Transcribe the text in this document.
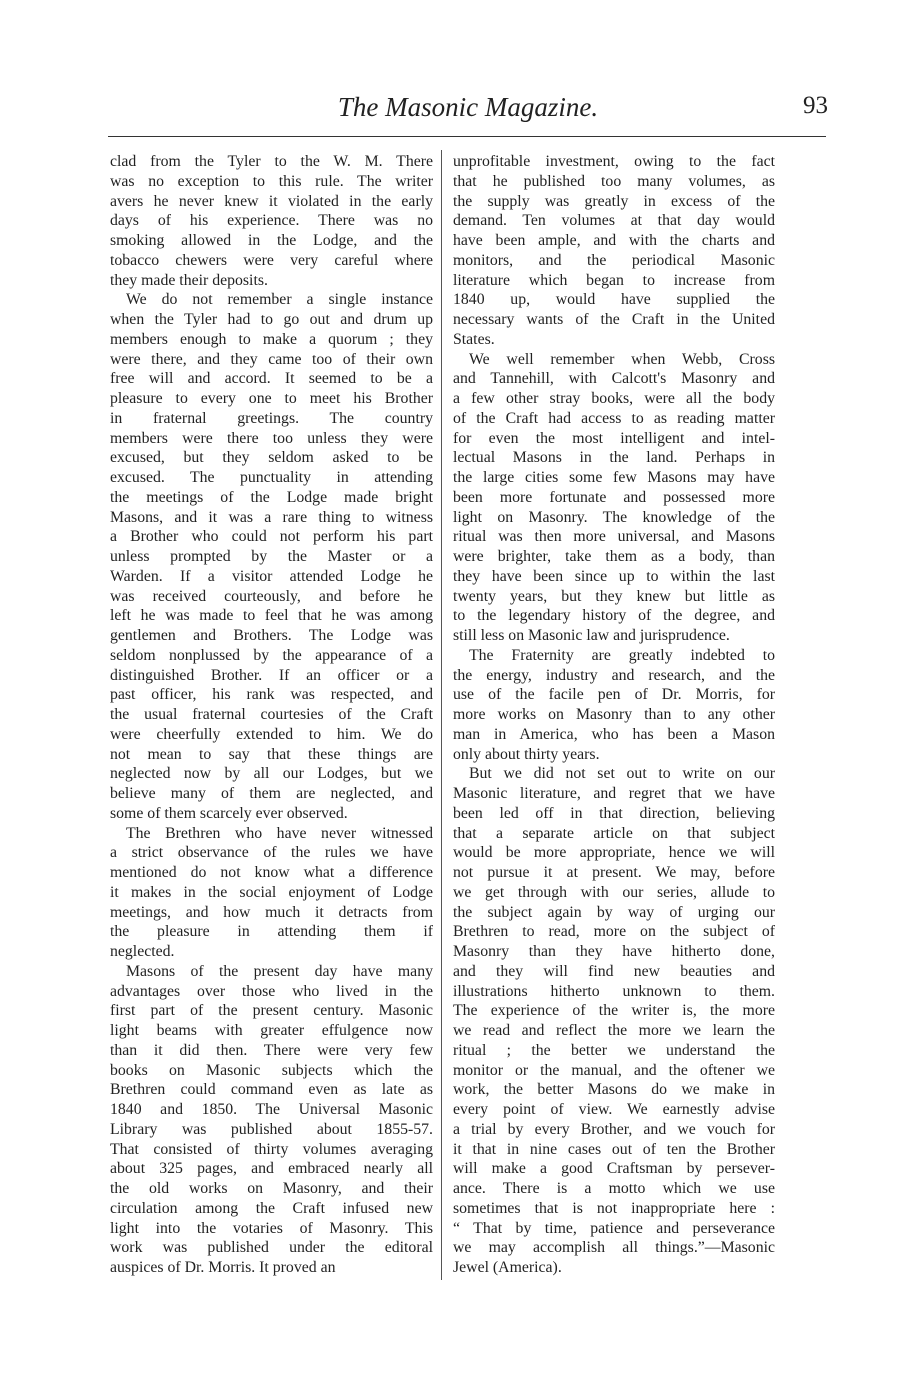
The Masonic Magazine.	93

clad from the Tyler to the W. M. There
was no exception to this rule. The writer
avers he never knew it violated in the early
days of his experience. There was no
smoking allowed in the Lodge, and the
tobacco chewers were very careful where
they made their deposits.

We do not remember a single instance
when the Tyler had to go out and drum up
members enough to make a quorum ; they
were there, and they came too of their own
free will and accord. It seemed to be a
pleasure to every one to meet his Brother
in fraternal greetings. The country
members were there too unless they were
excused, but they seldom asked to be
excused. The punctuality in attending
the meetings of the Lodge made bright
Masons, and it was a rare thing to witness
a Brother who could not perform his part
unless prompted by the Master or a
Warden. If a visitor attended Lodge he
was received courteously, and before he
left he was made to feel that he was among
gentlemen and Brothers. The Lodge was
seldom nonplussed by the appearance of a
distinguished Brother. If an officer or a
past officer, his rank was respected, and
the usual fraternal courtesies of the Craft
were cheerfully extended to him. We do
not mean to say that these things are
neglected now by all our Lodges, but we
believe many of them are neglected, and
some of them scarcely ever observed.

The Brethren who have never witnessed
a strict observance of the rules we have
mentioned do not know what a difference
it makes in the social enjoyment of Lodge
meetings, and how much it detracts from
the pleasure in attending them if
neglected.

Masons of the present day have many
advantages over those who lived in the
first part of the present century. Masonic
light beams with greater effulgence now
than it did then. There were very few
books on Masonic subjects which the
Brethren could command even as late as
1840 and 1850. The Universal Masonic
Library was published about 1855-57.
That consisted of thirty volumes averaging
about 325 pages, and embraced nearly all
the old works on Masonry, and their
circulation among the Craft infused new
light into the votaries of Masonry. This
work was published under the editoral
auspices of Dr. Morris. It proved an

unprofitable investment, owing to the fact
that he published too many volumes, as
the supply was greatly in excess of the
demand. Ten volumes at that day would
have been ample, and with the charts and
monitors, and the periodical Masonic
literature which began to increase from
1840 up, would have supplied the
necessary wants of the Craft in the United
States.

We well remember when Webb, Cross
and Tannehill, with Calcott's Masonry and
a few other stray books, were all the body
of the Craft had access to as reading matter
for even the most intelligent and intel-
lectual Masons in the land. Perhaps in
the large cities some few Masons may have
been more fortunate and possessed more
light on Masonry. The knowledge of the
ritual was then more universal, and Masons
were brighter, take them as a body, than
they have been since up to within the last
twenty years, but they knew but little as
to the legendary history of the degree, and
still less on Masonic law and jurisprudence.

The Fraternity are greatly indebted to
the energy, industry and research, and the
use of the facile pen of Dr. Morris, for
more works on Masonry than to any other
man in America, who has been a Mason
only about thirty years.

But we did not set out to write on our
Masonic literature, and regret that we have
been led off in that direction, believing
that a separate article on that subject
would be more appropriate, hence we will
not pursue it at present. We may, before
we get through with our series, allude to
the subject again by way of urging our
Brethren to read, more on the subject of
Masonry than they have hitherto done,
and they will find new beauties and
illustrations hitherto unknown to them.
The experience of the writer is, the more
we read and reflect the more we learn the
ritual ; the better we understand the
monitor or the manual, and the oftener we
work, the better Masons do we make in
every point of view. We earnestly advise
a trial by every Brother, and we vouch for
it that in nine cases out of ten the Brother
will make a good Craftsman by persever-
ance. There is a motto which we use
sometimes that is not inappropriate here :
“ That by time, patience and perseverance
we may accomplish all things.”—Masonic
Jewel (America).
